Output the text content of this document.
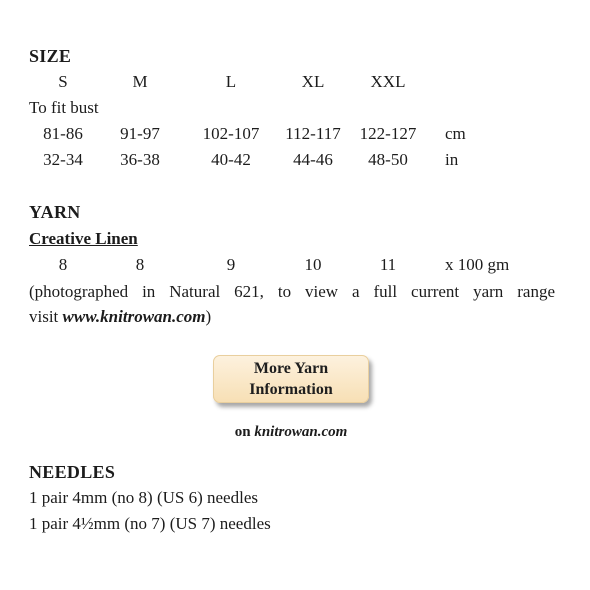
SIZE
S	M	L	XL	XXL
To fit bust
81-86 91-97	102-107 112-117 122-127 cm
32-34 36-38	40-42 44-46 48-50 in
YARN
Creative Linen
8	8	9	10	11	x 100 gm
(photographed in Natural 621, to view a full current yarn range
visit www.knitrowan.com)
More Yarn Information
on knitrowan.com
NEEDLES
1 pair 4mm (no 8) (US 6) needles
1 pair 4½mm (no 7) (US 7) needles
